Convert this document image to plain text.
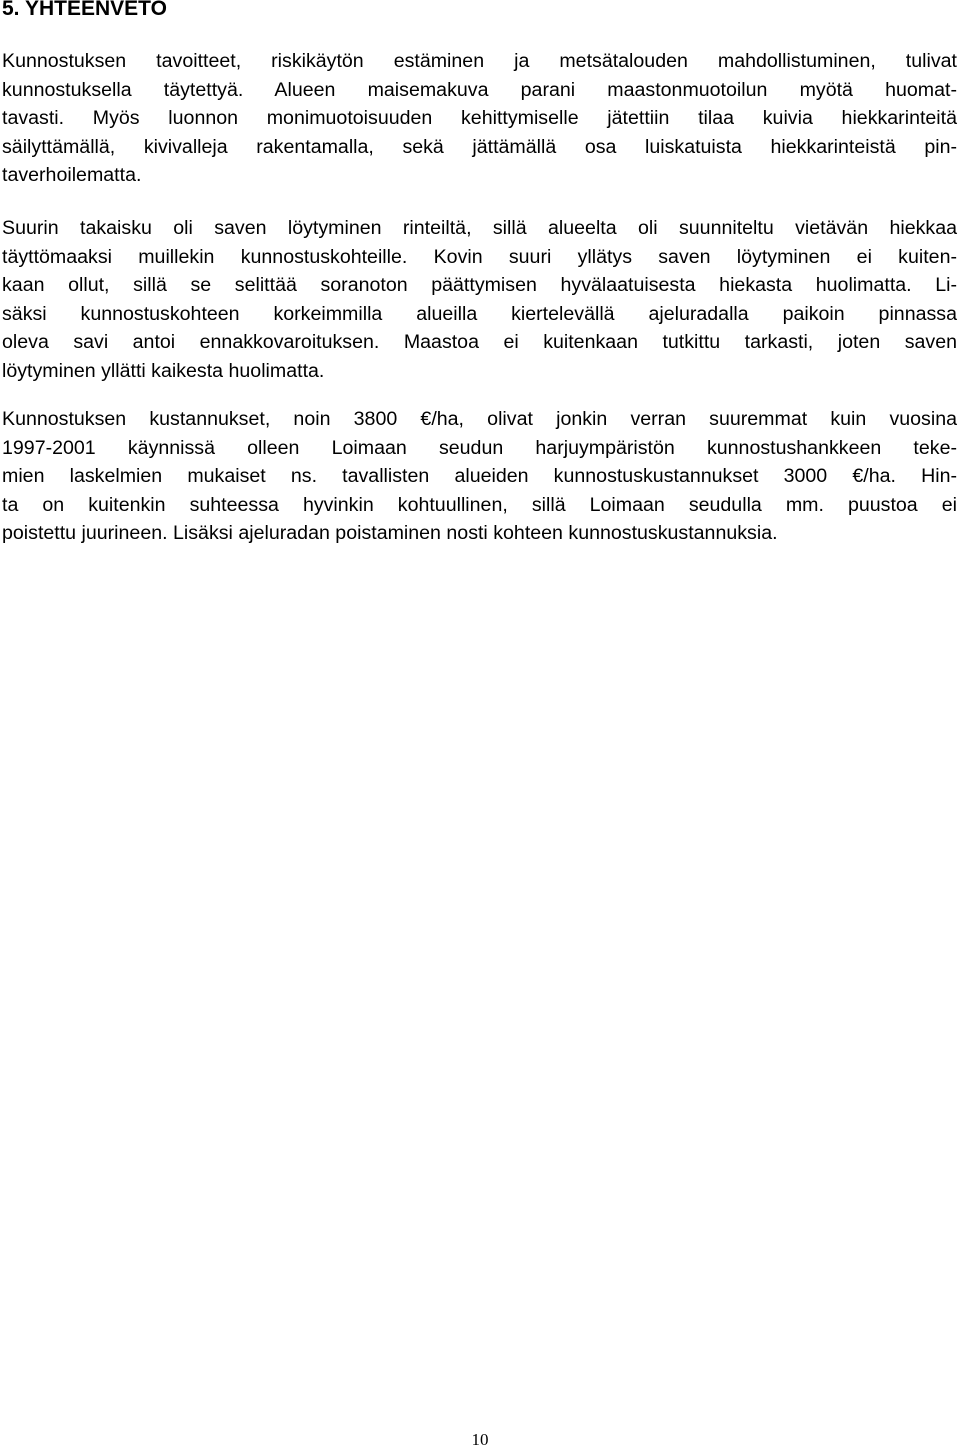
5. YHTEENVETO
Kunnostuksen tavoitteet, riskikäytön estäminen ja metsätalouden mahdollistuminen, tulivat
kunnostuksella täytettyä. Alueen maisemakuva parani maastonmuotoilun myötä huomat-
tavasti. Myös luonnon monimuotoisuuden kehittymiselle jätettiin tilaa kuivia hiekkarinteitä
säilyttämällä, kivivalleja rakentamalla, sekä jättämällä osa luiskatuista hiekkarinteistä pin-
taverhoilematta.
Suurin takaisku oli saven löytyminen rinteiltä, sillä alueelta oli suunniteltu vietävän hiekkaa
täyttömaaksi muillekin kunnostuskohteille. Kovin suuri yllätys saven löytyminen ei kuiten-
kaan ollut, sillä se selittää soranoton päättymisen hyvälaatuisesta hiekasta huolimatta. Li-
säksi kunnostuskohteen korkeimmilla alueilla kiertelevällä ajeluradalla paikoin pinnassa
oleva savi antoi ennakkovaroituksen. Maastoa ei kuitenkaan tutkittu tarkasti, joten saven
löytyminen yllätti kaikesta huolimatta.
Kunnostuksen kustannukset, noin 3800 €/ha, olivat jonkin verran suuremmat kuin vuosina
1997-2001 käynnissä olleen Loimaan seudun harjuympäristön kunnostushankkeen teke-
mien laskelmien mukaiset ns. tavallisten alueiden kunnostuskustannukset 3000 €/ha. Hin-
ta on kuitenkin suhteessa hyvinkin kohtuullinen, sillä Loimaan seudulla mm. puustoa ei
poistettu juurineen. Lisäksi ajeluradan poistaminen nosti kohteen kunnostuskustannuksia.
10
